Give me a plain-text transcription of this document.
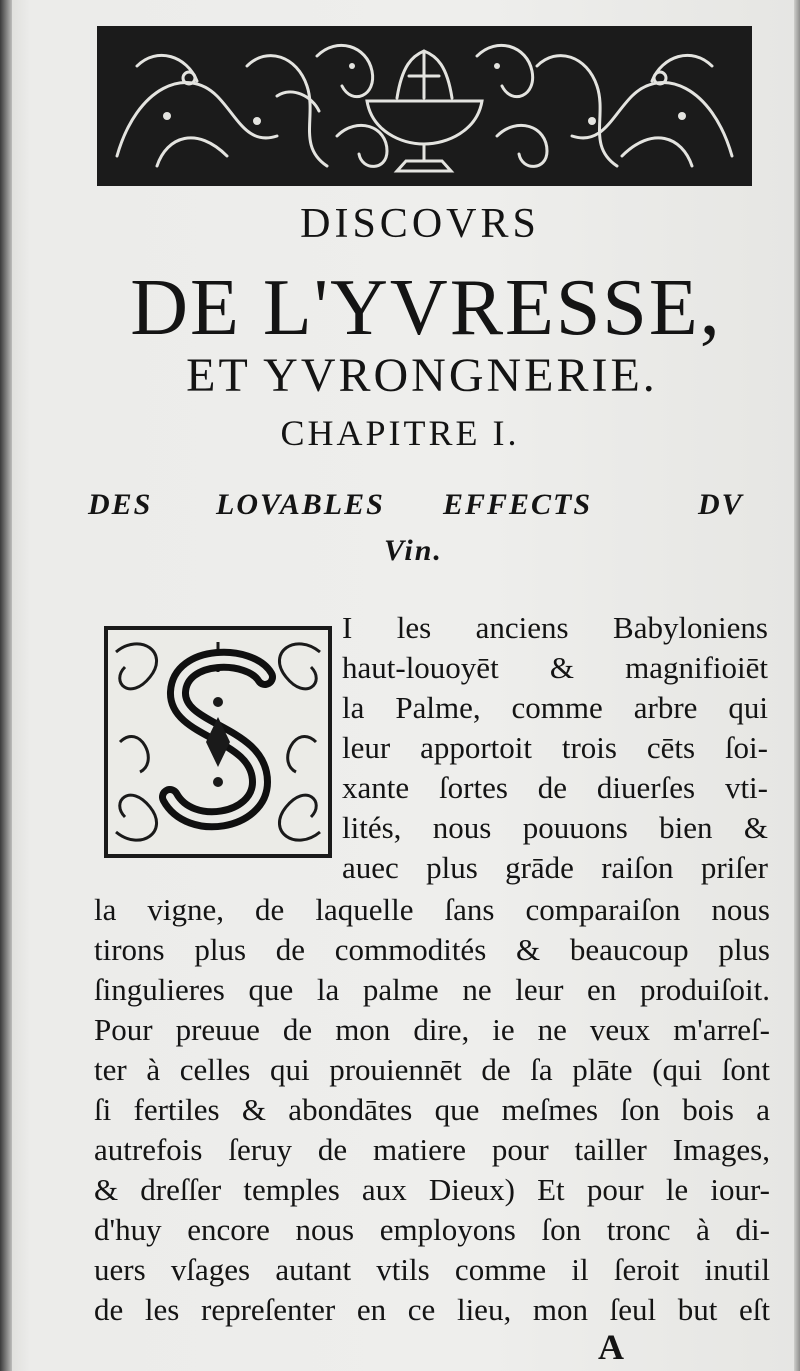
DISCOVRS
DE L'YVRESSE,
ET YVRONGNERIE.
CHAPITRE I.
DES LOVABLES EFFECTS	DV
Vin.
I les anciens Babyloniens
haut-louoyēt & magnifioiēt
la Palme, comme arbre qui
leur apportoit trois cēts ſoi-
xante ſortes de diuerſes vti-
lités, nous pouuons bien &
auec plus grāde raiſon priſer
la vigne, de laquelle ſans comparaiſon nous
tirons plus de commodités & beaucoup plus
ſingulieres que la palme ne leur en produiſoit.
Pour preuue de mon dire, ie ne veux m'arreſ-
ter à celles qui prouiennēt de ſa plāte (qui ſont
ſi fertiles & abondātes que meſmes ſon bois a
autrefois ſeruy de matiere pour tailler Images,
& dreſſer temples aux Dieux) Et pour le iour-
d'huy encore nous employons ſon tronc à di-
uers vſages autant vtils comme il ſeroit inutil
de les repreſenter en ce lieu, mon ſeul but eſt
A
